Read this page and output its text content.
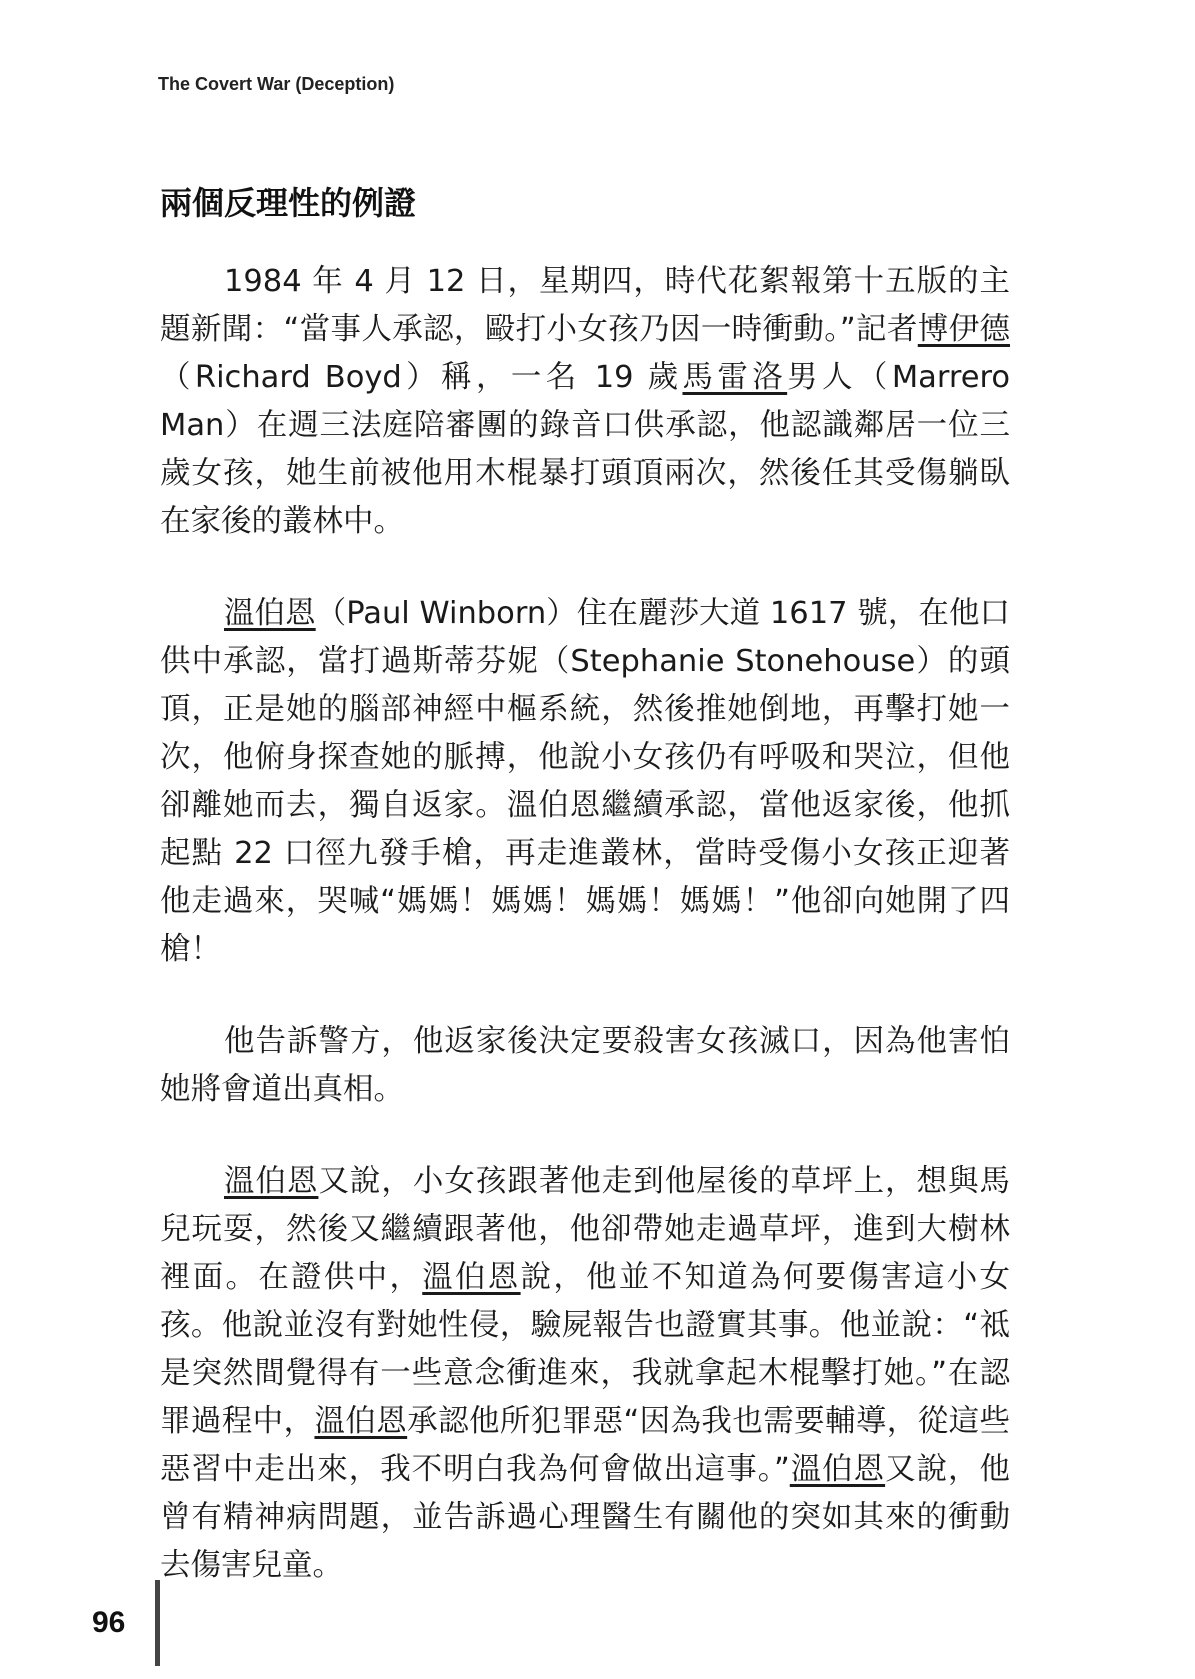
The Covert War (Deception)
兩個反理性的例證

1984 年 4 月 12 日，星期四，時代花絮報第十五版的主題新聞：“當事人承認，毆打小女孩乃因一時衝動。”記者博伊德（Richard Boyd）稱，一名 19 歲馬雷洛男人（Marrero Man）在週三法庭陪審團的錄音口供承認，他認識鄰居一位三歲女孩，她生前被他用木棍暴打頭頂兩次，然後任其受傷躺臥在家後的叢林中。

溫伯恩（Paul Winborn）住在麗莎大道 1617 號，在他口供中承認，當打過斯蒂芬妮（Stephanie Stonehouse）的頭頂，正是她的腦部神經中樞系統，然後推她倒地，再擊打她一次，他俯身探查她的脈搏，他說小女孩仍有呼吸和哭泣，但他卻離她而去，獨自返家。溫伯恩繼續承認，當他返家後，他抓起點 22 口徑九發手槍，再走進叢林，當時受傷小女孩正迎著他走過來，哭喊“媽媽！媽媽！媽媽！媽媽！”他卻向她開了四槍！

他告訴警方，他返家後決定要殺害女孩滅口，因為他害怕她將會道出真相。

溫伯恩又說，小女孩跟著他走到他屋後的草坪上，想與馬兒玩耍，然後又繼續跟著他，他卻帶她走過草坪，進到大樹林裡面。在證供中，溫伯恩說，他並不知道為何要傷害這小女孩。他說並沒有對她性侵，驗屍報告也證實其事。他並說：“祗是突然間覺得有一些意念衝進來，我就拿起木棍擊打她。”在認罪過程中，溫伯恩承認他所犯罪惡“因為我也需要輔導，從這些惡習中走出來，我不明白我為何會做出這事。”溫伯恩又說，他曾有精神病問題，並告訴過心理醫生有關他的突如其來的衝動去傷害兒童。

96
